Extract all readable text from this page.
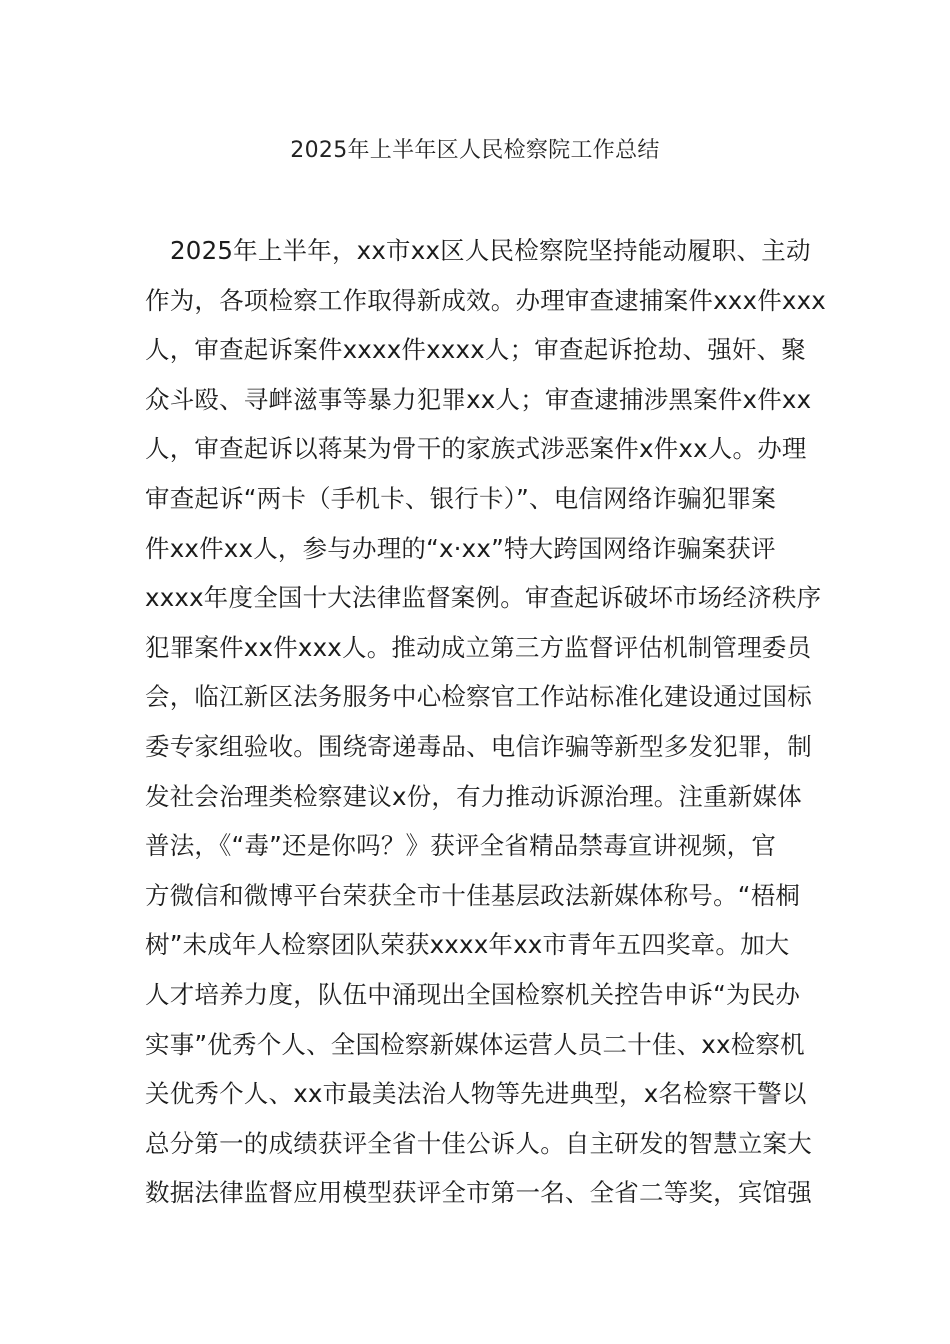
2025年上半年区人民检察院工作总结
2025年上半年，xx市xx区人民检察院坚持能动履职、主动
作为，各项检察工作取得新成效。办理审查逮捕案件xxx件xxx
人，审查起诉案件xxxx件xxxx人；审查起诉抢劫、强奸、聚
众斗殴、寻衅滋事等暴力犯罪xx人；审查逮捕涉黑案件x件xx
人，审查起诉以蒋某为骨干的家族式涉恶案件x件xx人。办理
审查起诉“两卡（手机卡、银行卡）”、电信网络诈骗犯罪案
件xx件xx人，参与办理的“x·xx”特大跨国网络诈骗案获评
xxxx年度全国十大法律监督案例。审查起诉破坏市场经济秩序
犯罪案件xx件xxx人。推动成立第三方监督评估机制管理委员
会，临江新区法务服务中心检察官工作站标准化建设通过国标
委专家组验收。围绕寄递毒品、电信诈骗等新型多发犯罪，制
发社会治理类检察建议x份，有力推动诉源治理。注重新媒体
普法，《“毒”还是你吗？》获评全省精品禁毒宣讲视频，官
方微信和微博平台荣获全市十佳基层政法新媒体称号。“梧桐
树”未成年人检察团队荣获xxxx年xx市青年五四奖章。加大
人才培养力度，队伍中涌现出全国检察机关控告申诉“为民办
实事”优秀个人、全国检察新媒体运营人员二十佳、xx检察机
关优秀个人、xx市最美法治人物等先进典型，x名检察干警以
总分第一的成绩获评全省十佳公诉人。自主研发的智慧立案大
数据法律监督应用模型获评全市第一名、全省二等奖，宾馆强
